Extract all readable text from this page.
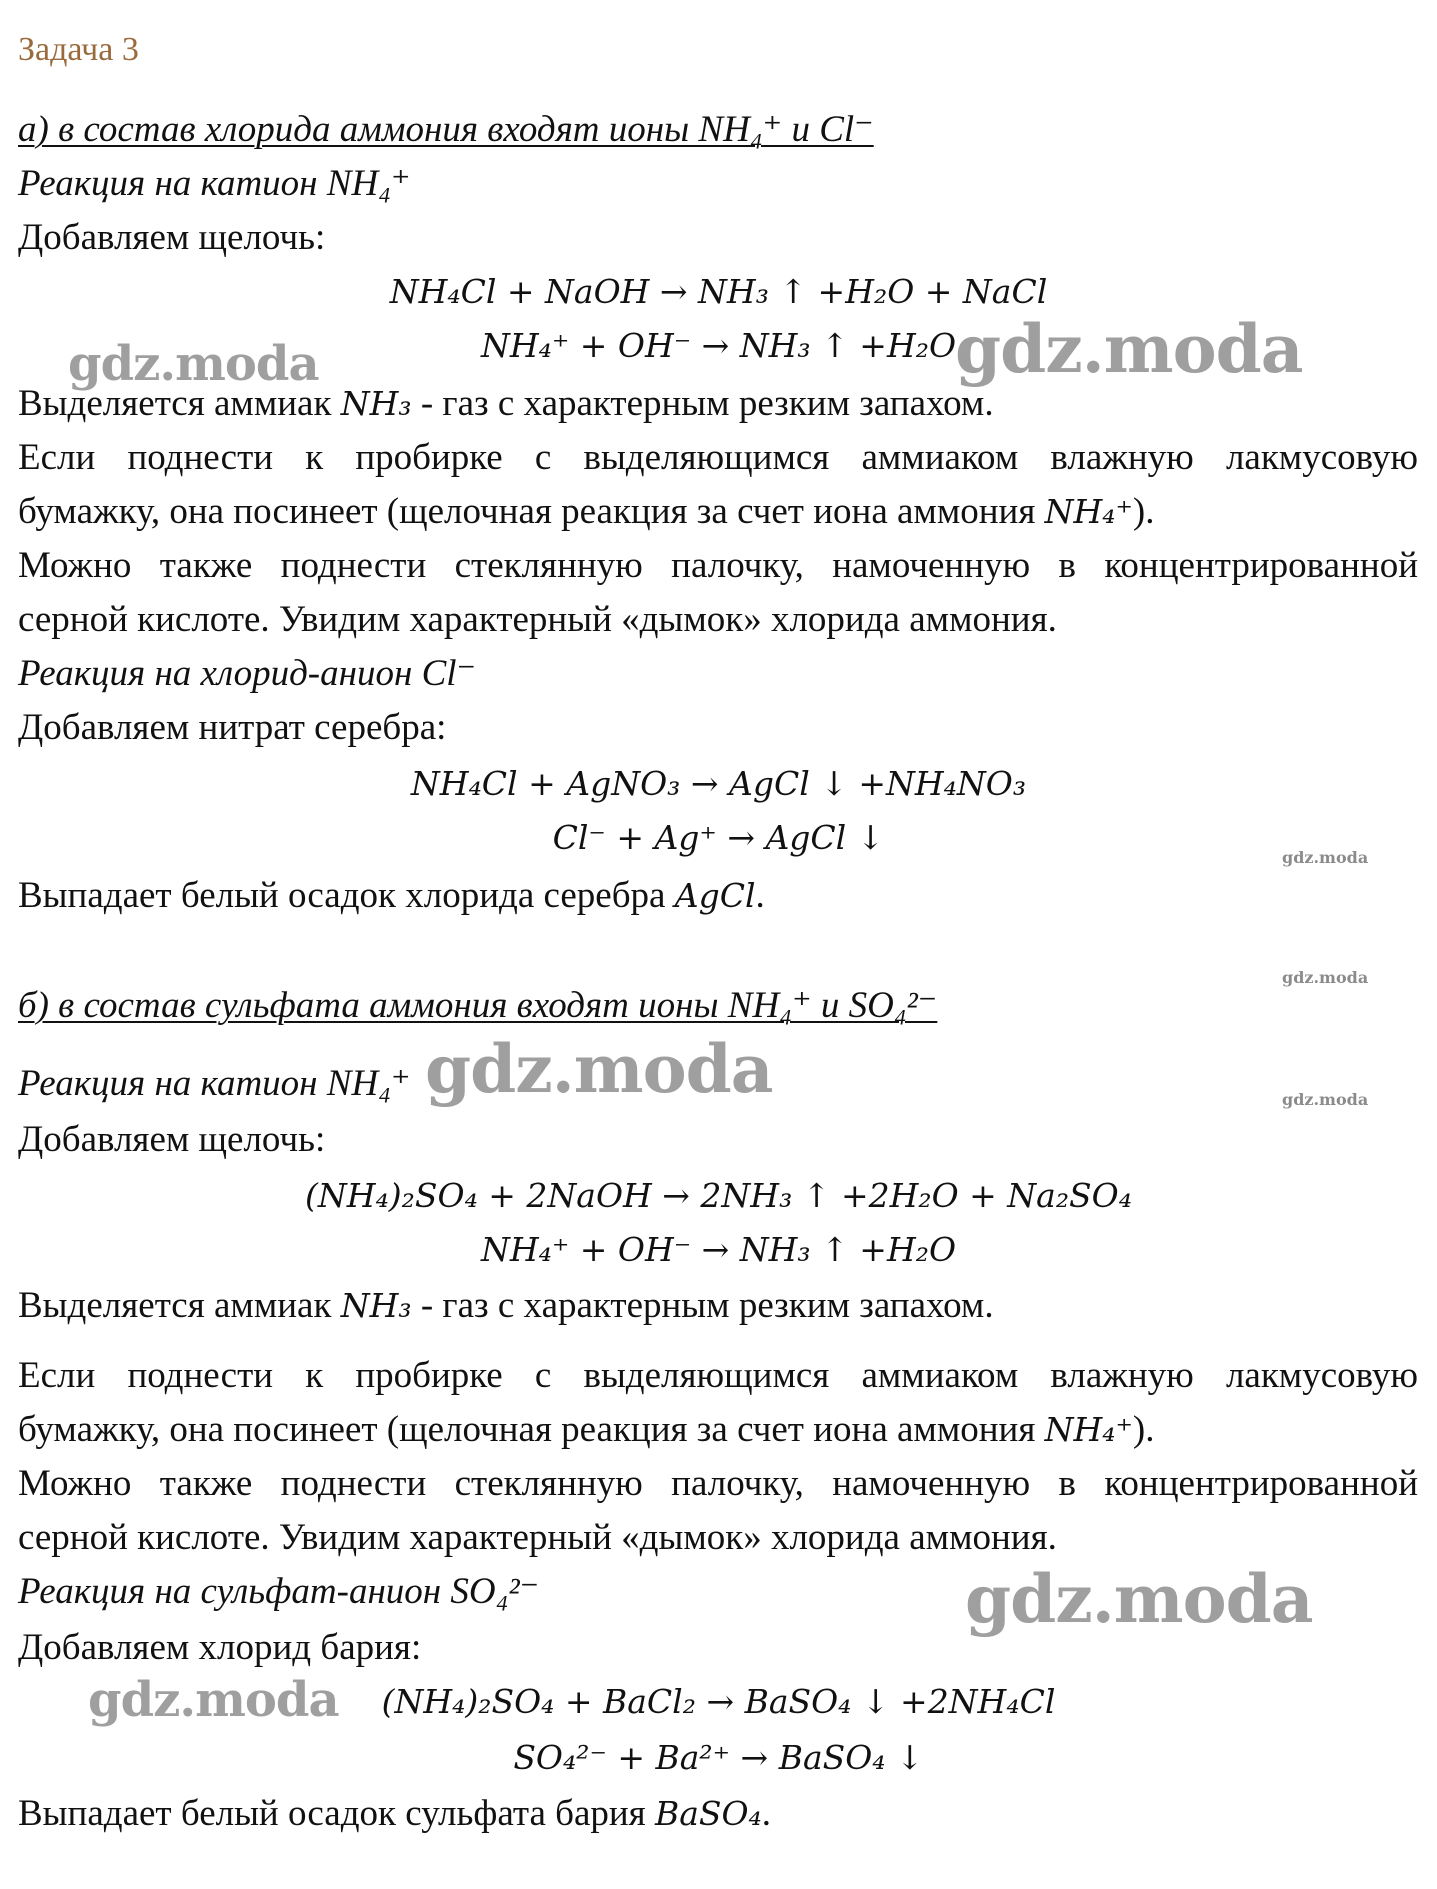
Задача 3
а) в состав хлорида аммония входят ионы NH₄⁺ и Cl⁻
Реакция на катион NH₄⁺
Добавляем щелочь:
NH₄Cl + NaOH → NH₃ ↑ +H₂O + NaCl
NH₄⁺ + OH⁻ → NH₃ ↑ +H₂O
Выделяется аммиак NH₃ - газ с характерным резким запахом.
Если поднести к пробирке с выделяющимся аммиаком влажную лакмусовую
бумажку, она посинеет (щелочная реакция за счет иона аммония NH₄⁺).
Можно также поднести стеклянную палочку, намоченную в концентрированной
серной кислоте. Увидим характерный «дымок» хлорида аммония.
Реакция на хлорид-анион Cl⁻
Добавляем нитрат серебра:
NH₄Cl + AgNO₃ → AgCl ↓ +NH₄NO₃
Cl⁻ + Ag⁺ → AgCl ↓
Выпадает белый осадок хлорида серебра AgCl.
б) в состав сульфата аммония входят ионы NH₄⁺ и SO₄²⁻
Реакция на катион NH₄⁺
Добавляем щелочь:
(NH₄)₂SO₄ + 2NaOH → 2NH₃ ↑ +2H₂O + Na₂SO₄
NH₄⁺ + OH⁻ → NH₃ ↑ +H₂O
Выделяется аммиак NH₃ - газ с характерным резким запахом.
Если поднести к пробирке с выделяющимся аммиаком влажную лакмусовую
бумажку, она посинеет (щелочная реакция за счет иона аммония NH₄⁺).
Можно также поднести стеклянную палочку, намоченную в концентрированной
серной кислоте. Увидим характерный «дымок» хлорида аммония.
Реакция на сульфат-анион SO₄²⁻
Добавляем хлорид бария:
(NH₄)₂SO₄ + BaCl₂ → BaSO₄ ↓ +2NH₄Cl
SO₄²⁻ + Ba²⁺ → BaSO₄ ↓
Выпадает белый осадок сульфата бария BaSO₄.
gdz.moda	gdz.moda
gdz.moda
gdz.moda
gdz.moda	gdz.moda
gdz.moda
gdz.moda
